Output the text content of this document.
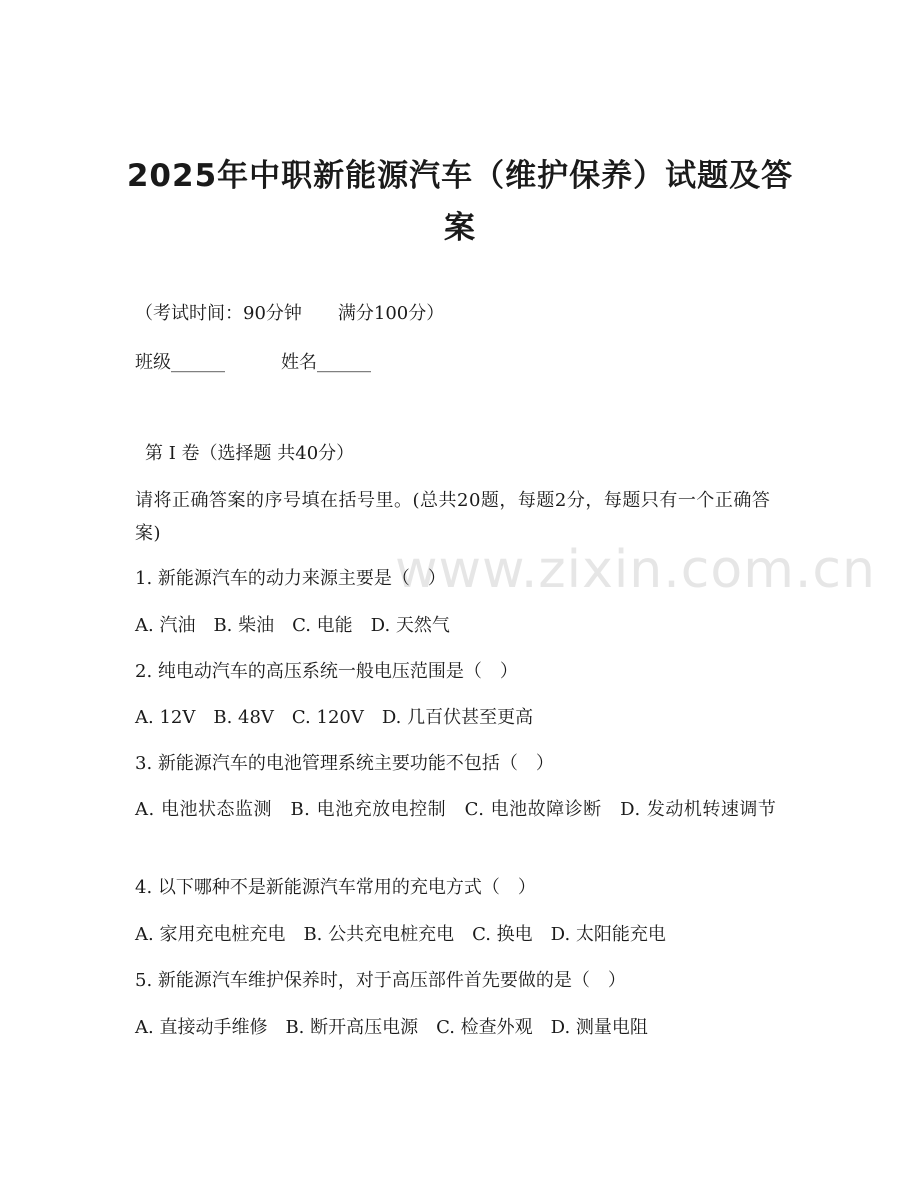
www.zixin.com.cn
2025年中职新能源汽车（维护保养）试题及答案

（考试时间：90分钟　　满分100分）

班级______	姓名______

第 I 卷（选择题 共40分）

请将正确答案的序号填在括号里。(总共20题，每题2分，每题只有一个正确答案)

1. 新能源汽车的动力来源主要是（　）

A. 汽油　B. 柴油　C. 电能　D. 天然气

2. 纯电动汽车的高压系统一般电压范围是（　）

A. 12V　B. 48V　C. 120V　D. 几百伏甚至更高

3. 新能源汽车的电池管理系统主要功能不包括（　）

A. 电池状态监测　B. 电池充放电控制　C. 电池故障诊断　D. 发动机转速调节

4. 以下哪种不是新能源汽车常用的充电方式（　）

A. 家用充电桩充电　B. 公共充电桩充电　C. 换电　D. 太阳能充电

5. 新能源汽车维护保养时，对于高压部件首先要做的是（　）

A. 直接动手维修　B. 断开高压电源　C. 检查外观　D. 测量电阻
